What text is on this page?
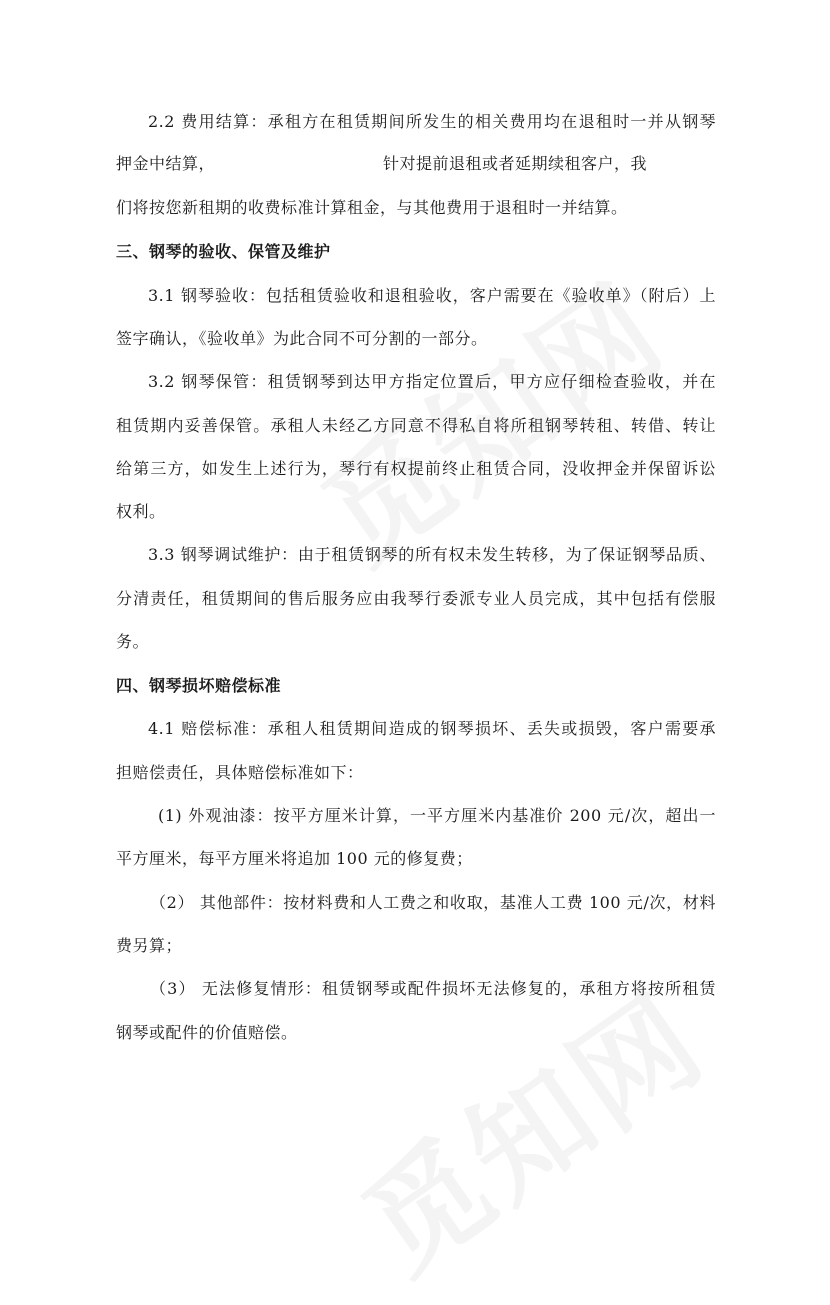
2.2 费用结算：承租方在租赁期间所发生的相关费用均在退租时一并从钢琴
押金中结算，	针对提前退租或者延期续租客户，我
们将按您新租期的收费标准计算租金，与其他费用于退租时一并结算。
三、钢琴的验收、保管及维护
3.1 钢琴验收：包括租赁验收和退租验收，客户需要在《验收单》（附后）上
签字确认，《验收单》为此合同不可分割的一部分。
3.2 钢琴保管：租赁钢琴到达甲方指定位置后，甲方应仔细检查验收，并在
租赁期内妥善保管。承租人未经乙方同意不得私自将所租钢琴转租、转借、转让
给第三方，如发生上述行为，琴行有权提前终止租赁合同，没收押金并保留诉讼
权利。
3.3 钢琴调试维护：由于租赁钢琴的所有权未发生转移，为了保证钢琴品质、
分清责任，租赁期间的售后服务应由我琴行委派专业人员完成，其中包括有偿服
务。
四、钢琴损坏赔偿标准
4.1 赔偿标准：承租人租赁期间造成的钢琴损坏、丢失或损毁，客户需要承
担赔偿责任，具体赔偿标准如下：
(1) 外观油漆：按平方厘米计算，一平方厘米内基准价 200 元/次，超出一
平方厘米，每平方厘米将追加 100 元的修复费；
（2） 其他部件：按材料费和人工费之和收取，基准人工费 100 元/次，材料
费另算；
（3） 无法修复情形：租赁钢琴或配件损坏无法修复的，承租方将按所租赁
钢琴或配件的价值赔偿。
